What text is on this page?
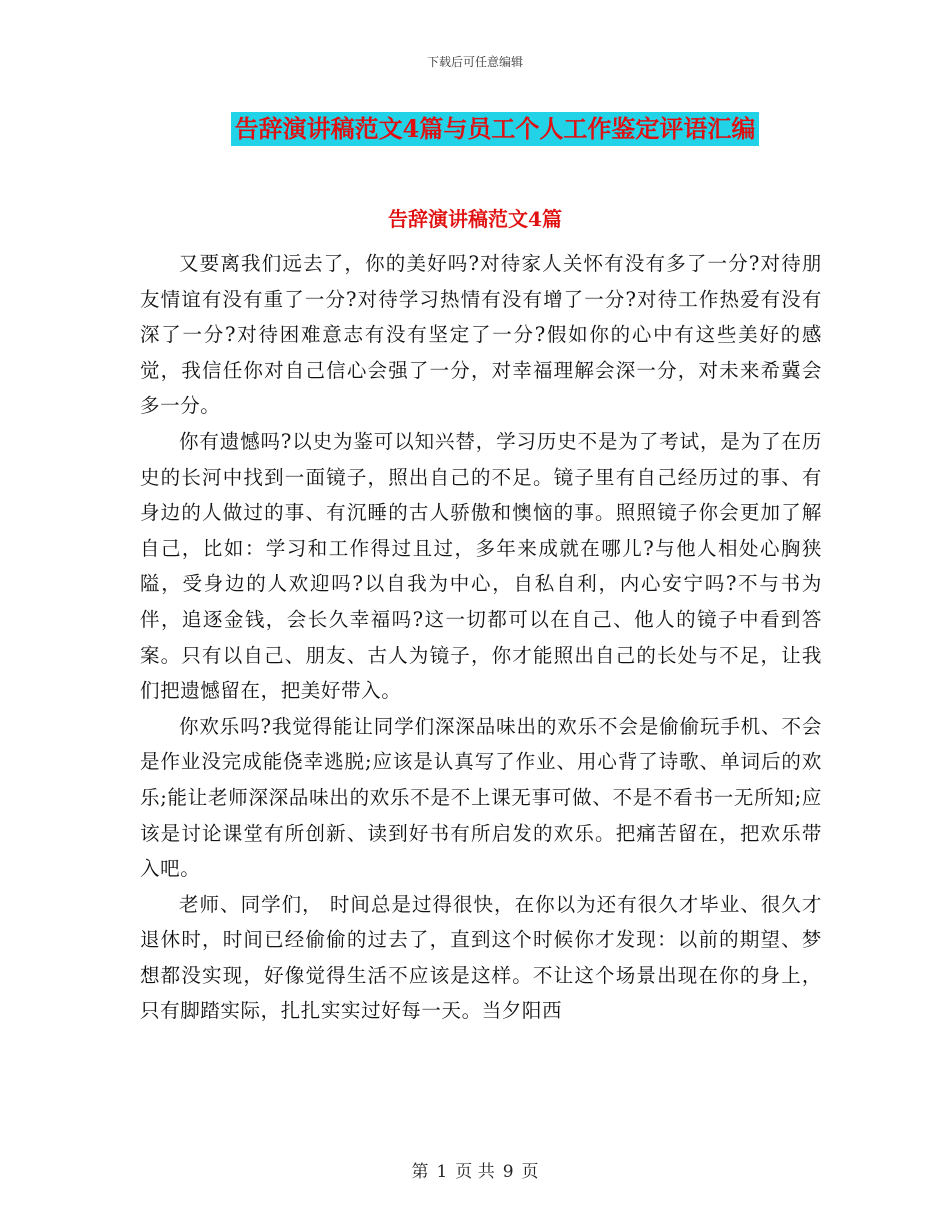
下载后可任意编辑
告辞演讲稿范文4篇与员工个人工作鉴定评语汇编
告辞演讲稿范文4篇

又要离我们远去了，你的美好吗?对待家人关怀有没有多了一分?对待朋友情谊有没有重了一分?对待学习热情有没有增了一分?对待工作热爱有没有深了一分?对待困难意志有没有坚定了一分?假如你的心中有这些美好的感觉，我信任你对自己信心会强了一分，对幸福理解会深一分，对未来希冀会多一分。

你有遗憾吗?以史为鉴可以知兴替，学习历史不是为了考试，是为了在历史的长河中找到一面镜子，照出自己的不足。镜子里有自己经历过的事、有身边的人做过的事、有沉睡的古人骄傲和懊恼的事。照照镜子你会更加了解自己，比如：学习和工作得过且过，多年来成就在哪儿?与他人相处心胸狭隘，受身边的人欢迎吗?以自我为中心，自私自利，内心安宁吗?不与书为伴，追逐金钱，会长久幸福吗?这一切都可以在自己、他人的镜子中看到答案。只有以自己、朋友、古人为镜子，你才能照出自己的长处与不足，让我们把遗憾留在，把美好带入。

你欢乐吗?我觉得能让同学们深深品味出的欢乐不会是偷偷玩手机、不会是作业没完成能侥幸逃脱;应该是认真写了作业、用心背了诗歌、单词后的欢乐;能让老师深深品味出的欢乐不是不上课无事可做、不是不看书一无所知;应该是讨论课堂有所创新、读到好书有所启发的欢乐。把痛苦留在，把欢乐带入吧。

老师、同学们， 时间总是过得很快，在你以为还有很久才毕业、很久才退休时，时间已经偷偷的过去了，直到这个时候你才发现：以前的期望、梦想都没实现，好像觉得生活不应该是这样。不让这个场景出现在你的身上，只有脚踏实际，扎扎实实过好每一天。当夕阳西

第 1 页 共 9 页
